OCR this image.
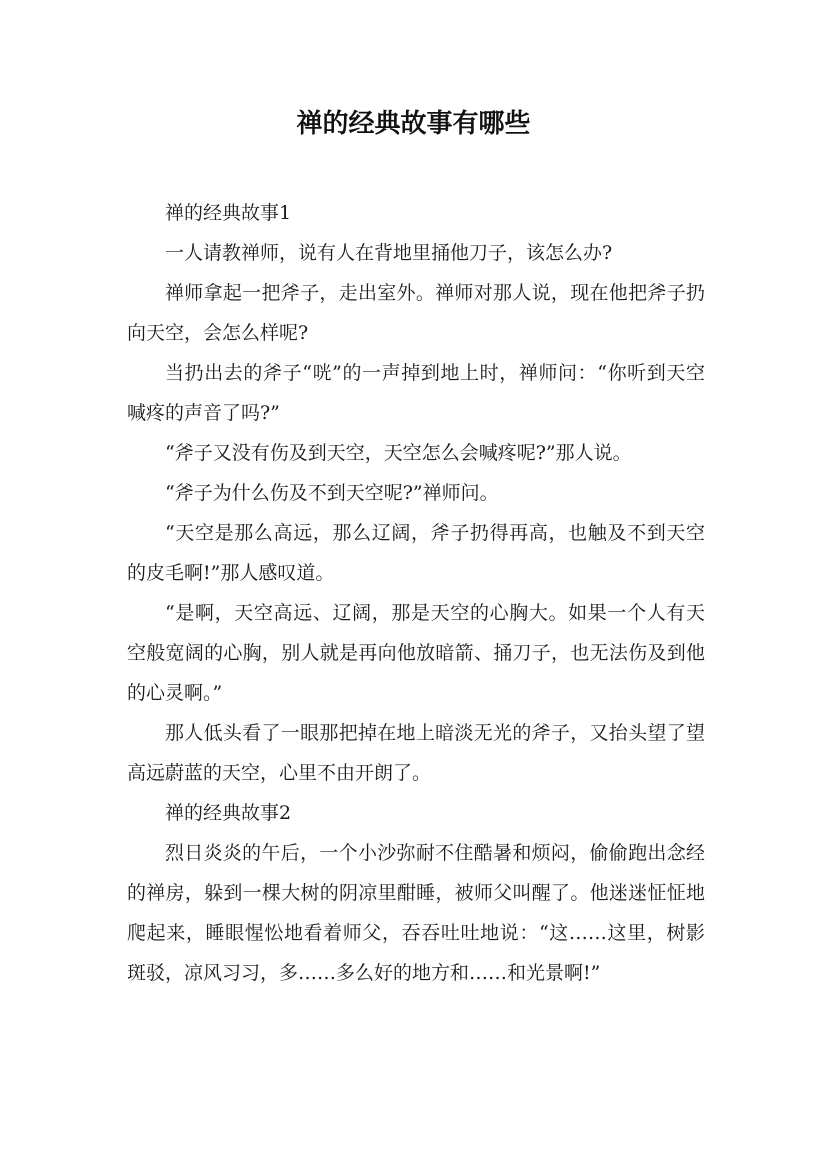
禅的经典故事有哪些

禅的经典故事1

一人请教禅师，说有人在背地里捅他刀子，该怎么办?

禅师拿起一把斧子，走出室外。禅师对那人说，现在他把斧子扔向天空，会怎么样呢?

当扔出去的斧子“咣”的一声掉到地上时，禅师问：“你听到天空喊疼的声音了吗?”

“斧子又没有伤及到天空，天空怎么会喊疼呢?”那人说。

“斧子为什么伤及不到天空呢?”禅师问。

“天空是那么高远，那么辽阔，斧子扔得再高，也触及不到天空的皮毛啊!”那人感叹道。

“是啊，天空高远、辽阔，那是天空的心胸大。如果一个人有天空般宽阔的心胸，别人就是再向他放暗箭、捅刀子，也无法伤及到他的心灵啊。”

那人低头看了一眼那把掉在地上暗淡无光的斧子，又抬头望了望高远蔚蓝的天空，心里不由开朗了。

禅的经典故事2

烈日炎炎的午后，一个小沙弥耐不住酷暑和烦闷，偷偷跑出念经的禅房，躲到一棵大树的阴凉里酣睡，被师父叫醒了。他迷迷怔怔地爬起来，睡眼惺忪地看着师父，吞吞吐吐地说：“这……这里，树影斑驳，凉风习习，多……多么好的地方和……和光景啊!”
